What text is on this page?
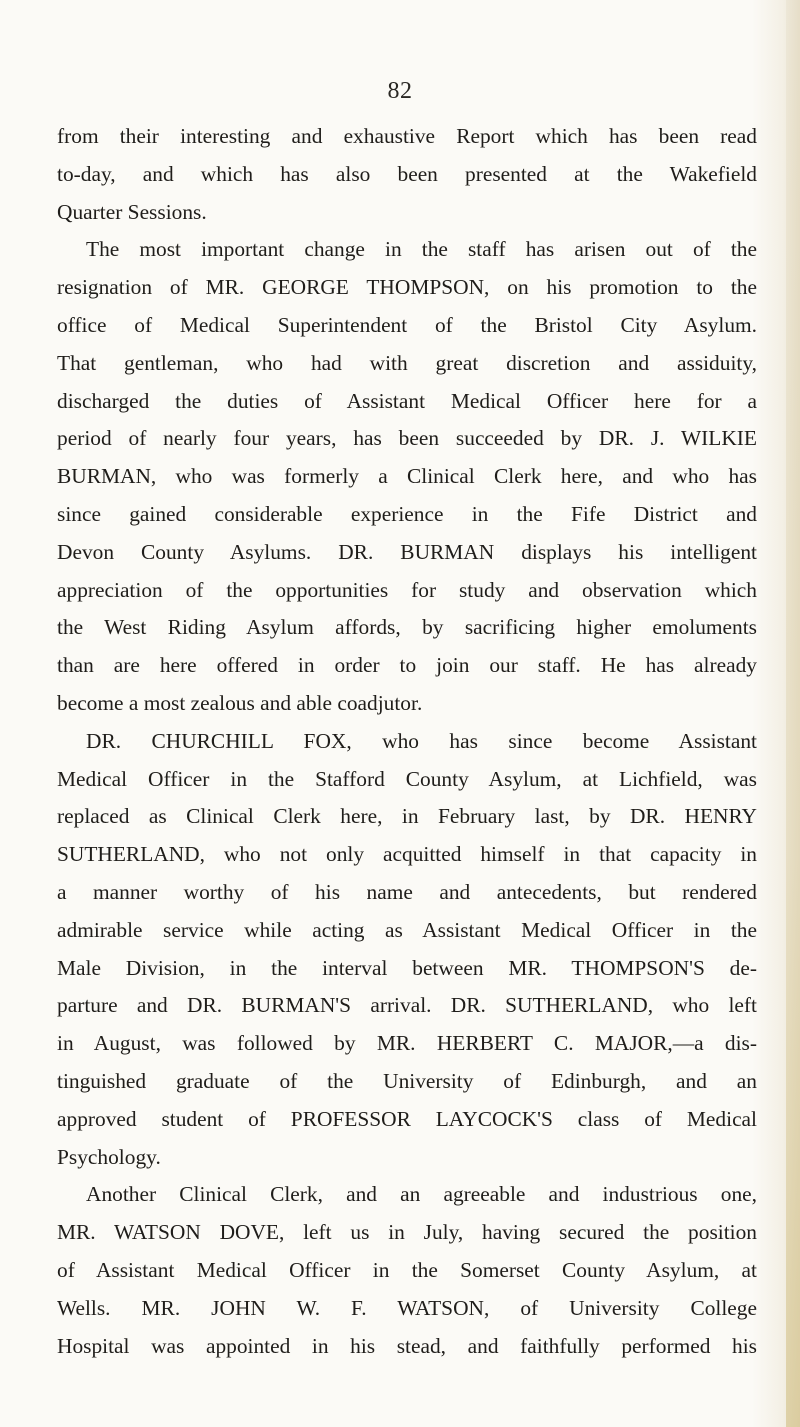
82
from their interesting and exhaustive Report which has been read
to-day, and which has also been presented at the Wakefield
Quarter Sessions.
The most important change in the staff has arisen out of the
resignation of MR. GEORGE THOMPSON, on his promotion to the
office of Medical Superintendent of the Bristol City Asylum.
That gentleman, who had with great discretion and assiduity,
discharged the duties of Assistant Medical Officer here for a
period of nearly four years, has been succeeded by DR. J. WILKIE
BURMAN, who was formerly a Clinical Clerk here, and who has
since gained considerable experience in the Fife District and
Devon County Asylums. DR. BURMAN displays his intelligent
appreciation of the opportunities for study and observation which
the West Riding Asylum affords, by sacrificing higher emoluments
than are here offered in order to join our staff. He has already
become a most zealous and able coadjutor.
DR. CHURCHILL FOX, who has since become Assistant
Medical Officer in the Stafford County Asylum, at Lichfield, was
replaced as Clinical Clerk here, in February last, by DR. HENRY
SUTHERLAND, who not only acquitted himself in that capacity in
a manner worthy of his name and antecedents, but rendered
admirable service while acting as Assistant Medical Officer in the
Male Division, in the interval between MR. THOMPSON'S de-
parture and DR. BURMAN'S arrival. DR. SUTHERLAND, who left
in August, was followed by MR. HERBERT C. MAJOR,—a dis-
tinguished graduate of the University of Edinburgh, and an
approved student of PROFESSOR LAYCOCK'S class of Medical
Psychology.
Another Clinical Clerk, and an agreeable and industrious one,
MR. WATSON DOVE, left us in July, having secured the position
of Assistant Medical Officer in the Somerset County Asylum, at
Wells. MR. JOHN W. F. WATSON, of University College
Hospital was appointed in his stead, and faithfully performed his
